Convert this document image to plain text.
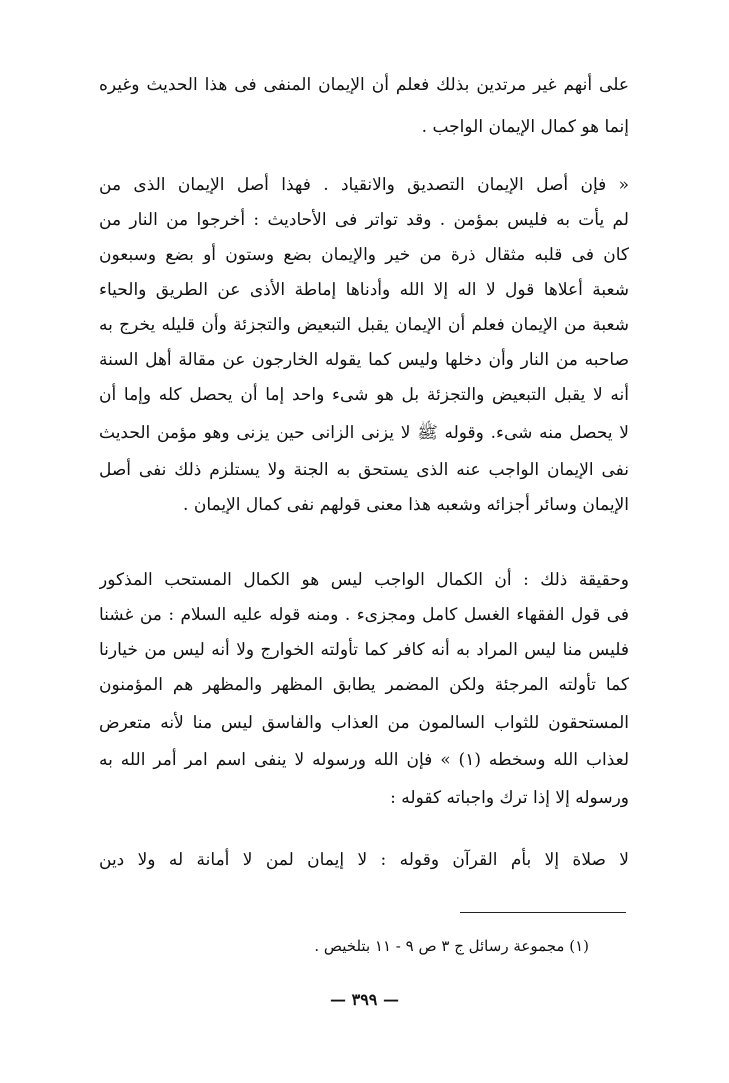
على أنهم غير مرتدين بذلك فعلم أن الإيمان المنفى فى هذا الحديث وغيره
إنما هو كمال الإيمان الواجب .
« فإن أصل الإيمان التصديق والانقياد . فهذا أصل الإيمان الذى من
لم يأت به فليس بمؤمن . وقد تواتر فى الأحاديث : أخرجوا من النار من
كان فى قلبه مثقال ذرة من خير والإيمان بضع وستون أو بضع وسبعون
شعبة أعلاها قول لا اله إلا الله وأدناها إماطة الأذى عن الطريق والحياء
شعبة من الإيمان فعلم أن الإيمان يقبل التبعيض والتجزئة وأن قليله يخرج به
صاحبه من النار وأن دخلها وليس كما يقوله الخارجون عن مقالة أهل السنة
أنه لا يقبل التبعيض والتجزئة بل هو شىء واحد إما أن يحصل كله وإما أن
لا يحصل منه شىء. وقوله ﷺ لا يزنى الزانى حين يزنى وهو مؤمن الحديث
نفى الإيمان الواجب عنه الذى يستحق به الجنة ولا يستلزم ذلك نفى أصل
الإيمان وسائر أجزائه وشعبه هذا معنى قولهم نفى كمال الإيمان .
وحقيقة ذلك : أن الكمال الواجب ليس هو الكمال المستحب المذكور
فى قول الفقهاء الغسل كامل ومجزىء . ومنه قوله عليه السلام : من غشنا
فليس منا ليس المراد به أنه كافر كما تأولته الخوارج ولا أنه ليس من خيارنا
كما تأولته المرجئة ولكن المضمر يطابق المظهر والمظهر هم المؤمنون
المستحقون للثواب السالمون من العذاب والفاسق ليس منا لأنه متعرض
لعذاب الله وسخطه (١) » فإن الله ورسوله لا ينفى اسم امر أمر الله به
ورسوله إلا إذا ترك واجباته كقوله :
لا صلاة إلا بأم القرآن وقوله : لا إيمان لمن لا أمانة له ولا دين
(١) مجموعة رسائل ج ٣ ص ٩ - ١١ بتلخيص .
— ٣٩٩ —
